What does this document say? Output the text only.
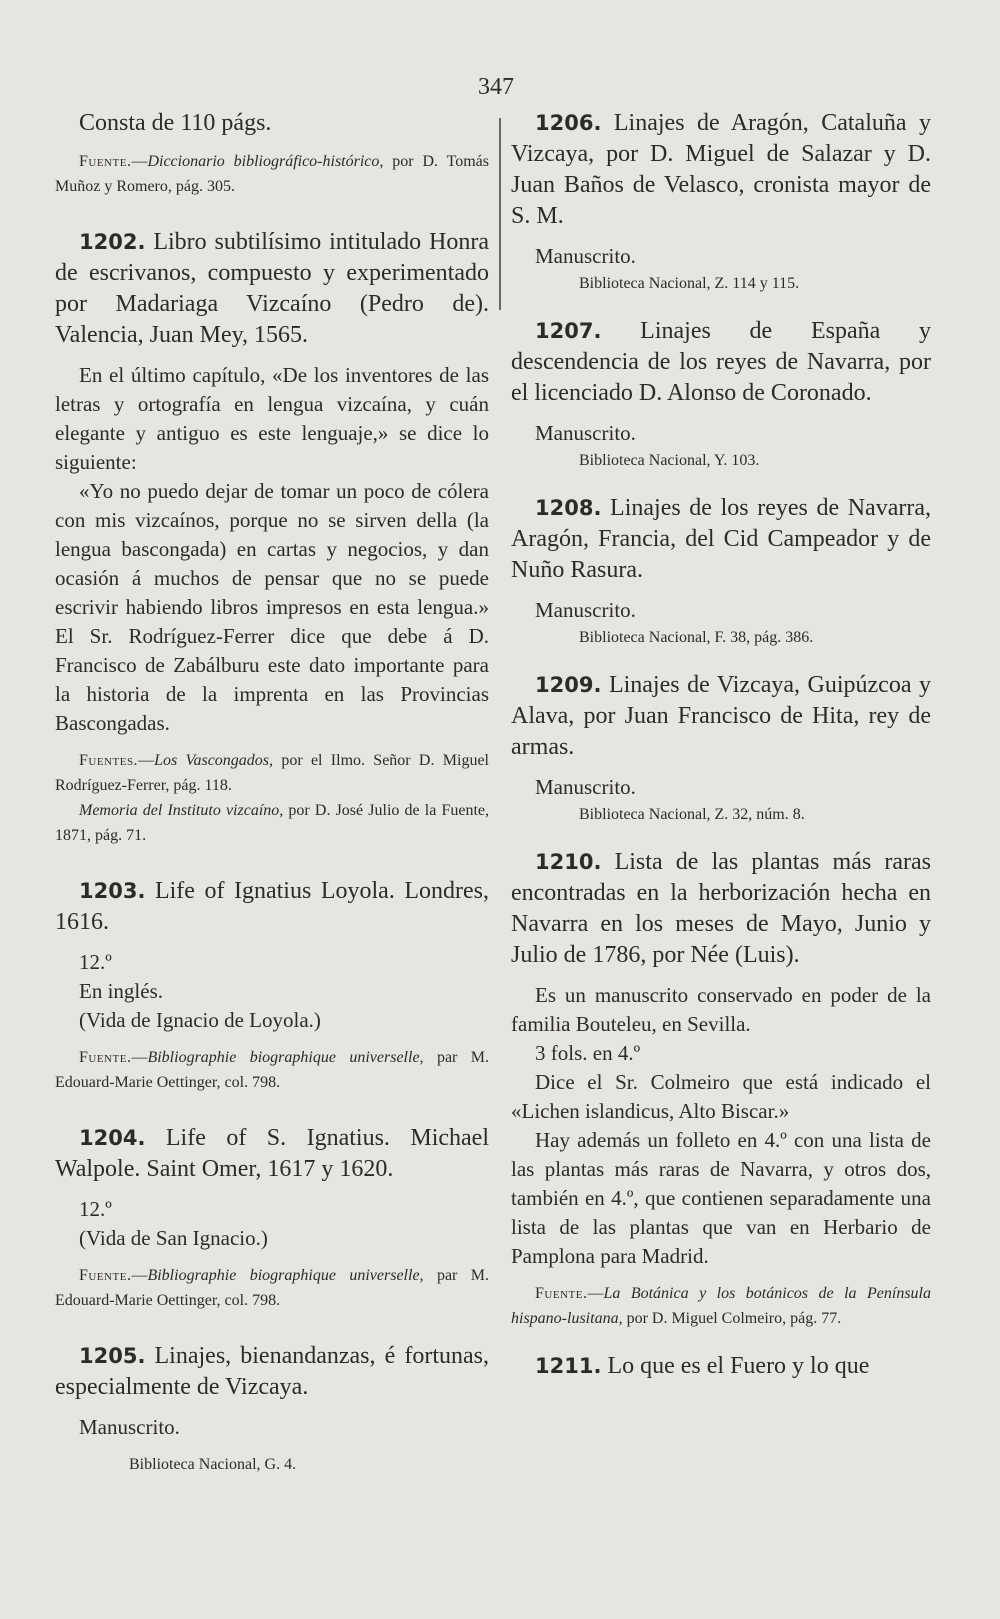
347

Consta de 110 págs.

Fuente.—Diccionario bibliográfico-histórico, por D. Tomás Muñoz y Romero, pág. 305.

1202. Libro subtilísimo intitulado Honra de escrivanos, compuesto y experimentado por Madariaga Vizcaíno (Pedro de). Valencia, Juan Mey, 1565.

En el último capítulo, «De los inventores de las letras y ortografía en lengua vizcaína, y cuán elegante y antiguo es este lenguaje,» se dice lo siguiente:

«Yo no puedo dejar de tomar un poco de cólera con mis vizcaínos, porque no se sirven della (la lengua bascongada) en cartas y negocios, y dan ocasión á muchos de pensar que no se puede escrivir habiendo libros impresos en esta lengua.» El Sr. Rodríguez-Ferrer dice que debe á D. Francisco de Zabálburu este dato importante para la historia de la imprenta en las Provincias Bascongadas.

Fuentes.—Los Vascongados, por el Ilmo. Señor D. Miguel Rodríguez-Ferrer, pág. 118.

Memoria del Instituto vizcaíno, por D. José Julio de la Fuente, 1871, pág. 71.

1203. Life of Ignatius Loyola. Londres, 1616.

12.º

En inglés.

(Vida de Ignacio de Loyola.)

Fuente.—Bibliographie biographique universelle, par M. Edouard-Marie Oettinger, col. 798.

1204. Life of S. Ignatius. Michael Walpole. Saint Omer, 1617 y 1620.

12.º

(Vida de San Ignacio.)

Fuente.—Bibliographie biographique universelle, par M. Edouard-Marie Oettinger, col. 798.

1205. Linajes, bienandanzas, é fortunas, especialmente de Vizcaya.

Manuscrito.

Biblioteca Nacional, G. 4.

1206. Linajes de Aragón, Cataluña y Vizcaya, por D. Miguel de Salazar y D. Juan Baños de Velasco, cronista mayor de S. M.

Manuscrito.

Biblioteca Nacional, Z. 114 y 115.

1207. Linajes de España y descendencia de los reyes de Navarra, por el licenciado D. Alonso de Coronado.

Manuscrito.

Biblioteca Nacional, Y. 103.

1208. Linajes de los reyes de Navarra, Aragón, Francia, del Cid Campeador y de Nuño Rasura.

Manuscrito.

Biblioteca Nacional, F. 38, pág. 386.

1209. Linajes de Vizcaya, Guipúzcoa y Alava, por Juan Francisco de Hita, rey de armas.

Manuscrito.

Biblioteca Nacional, Z. 32, núm. 8.

1210. Lista de las plantas más raras encontradas en la herborización hecha en Navarra en los meses de Mayo, Junio y Julio de 1786, por Née (Luis).

Es un manuscrito conservado en poder de la familia Bouteleu, en Sevilla.

3 fols. en 4.º

Dice el Sr. Colmeiro que está indicado el «Lichen islandicus, Alto Biscar.»

Hay además un folleto en 4.º con una lista de las plantas más raras de Navarra, y otros dos, también en 4.º, que contienen separadamente una lista de las plantas que van en Herbario de Pamplona para Madrid.

Fuente.—La Botánica y los botánicos de la Península hispano-lusitana, por D. Miguel Colmeiro, pág. 77.

1211. Lo que es el Fuero y lo que
